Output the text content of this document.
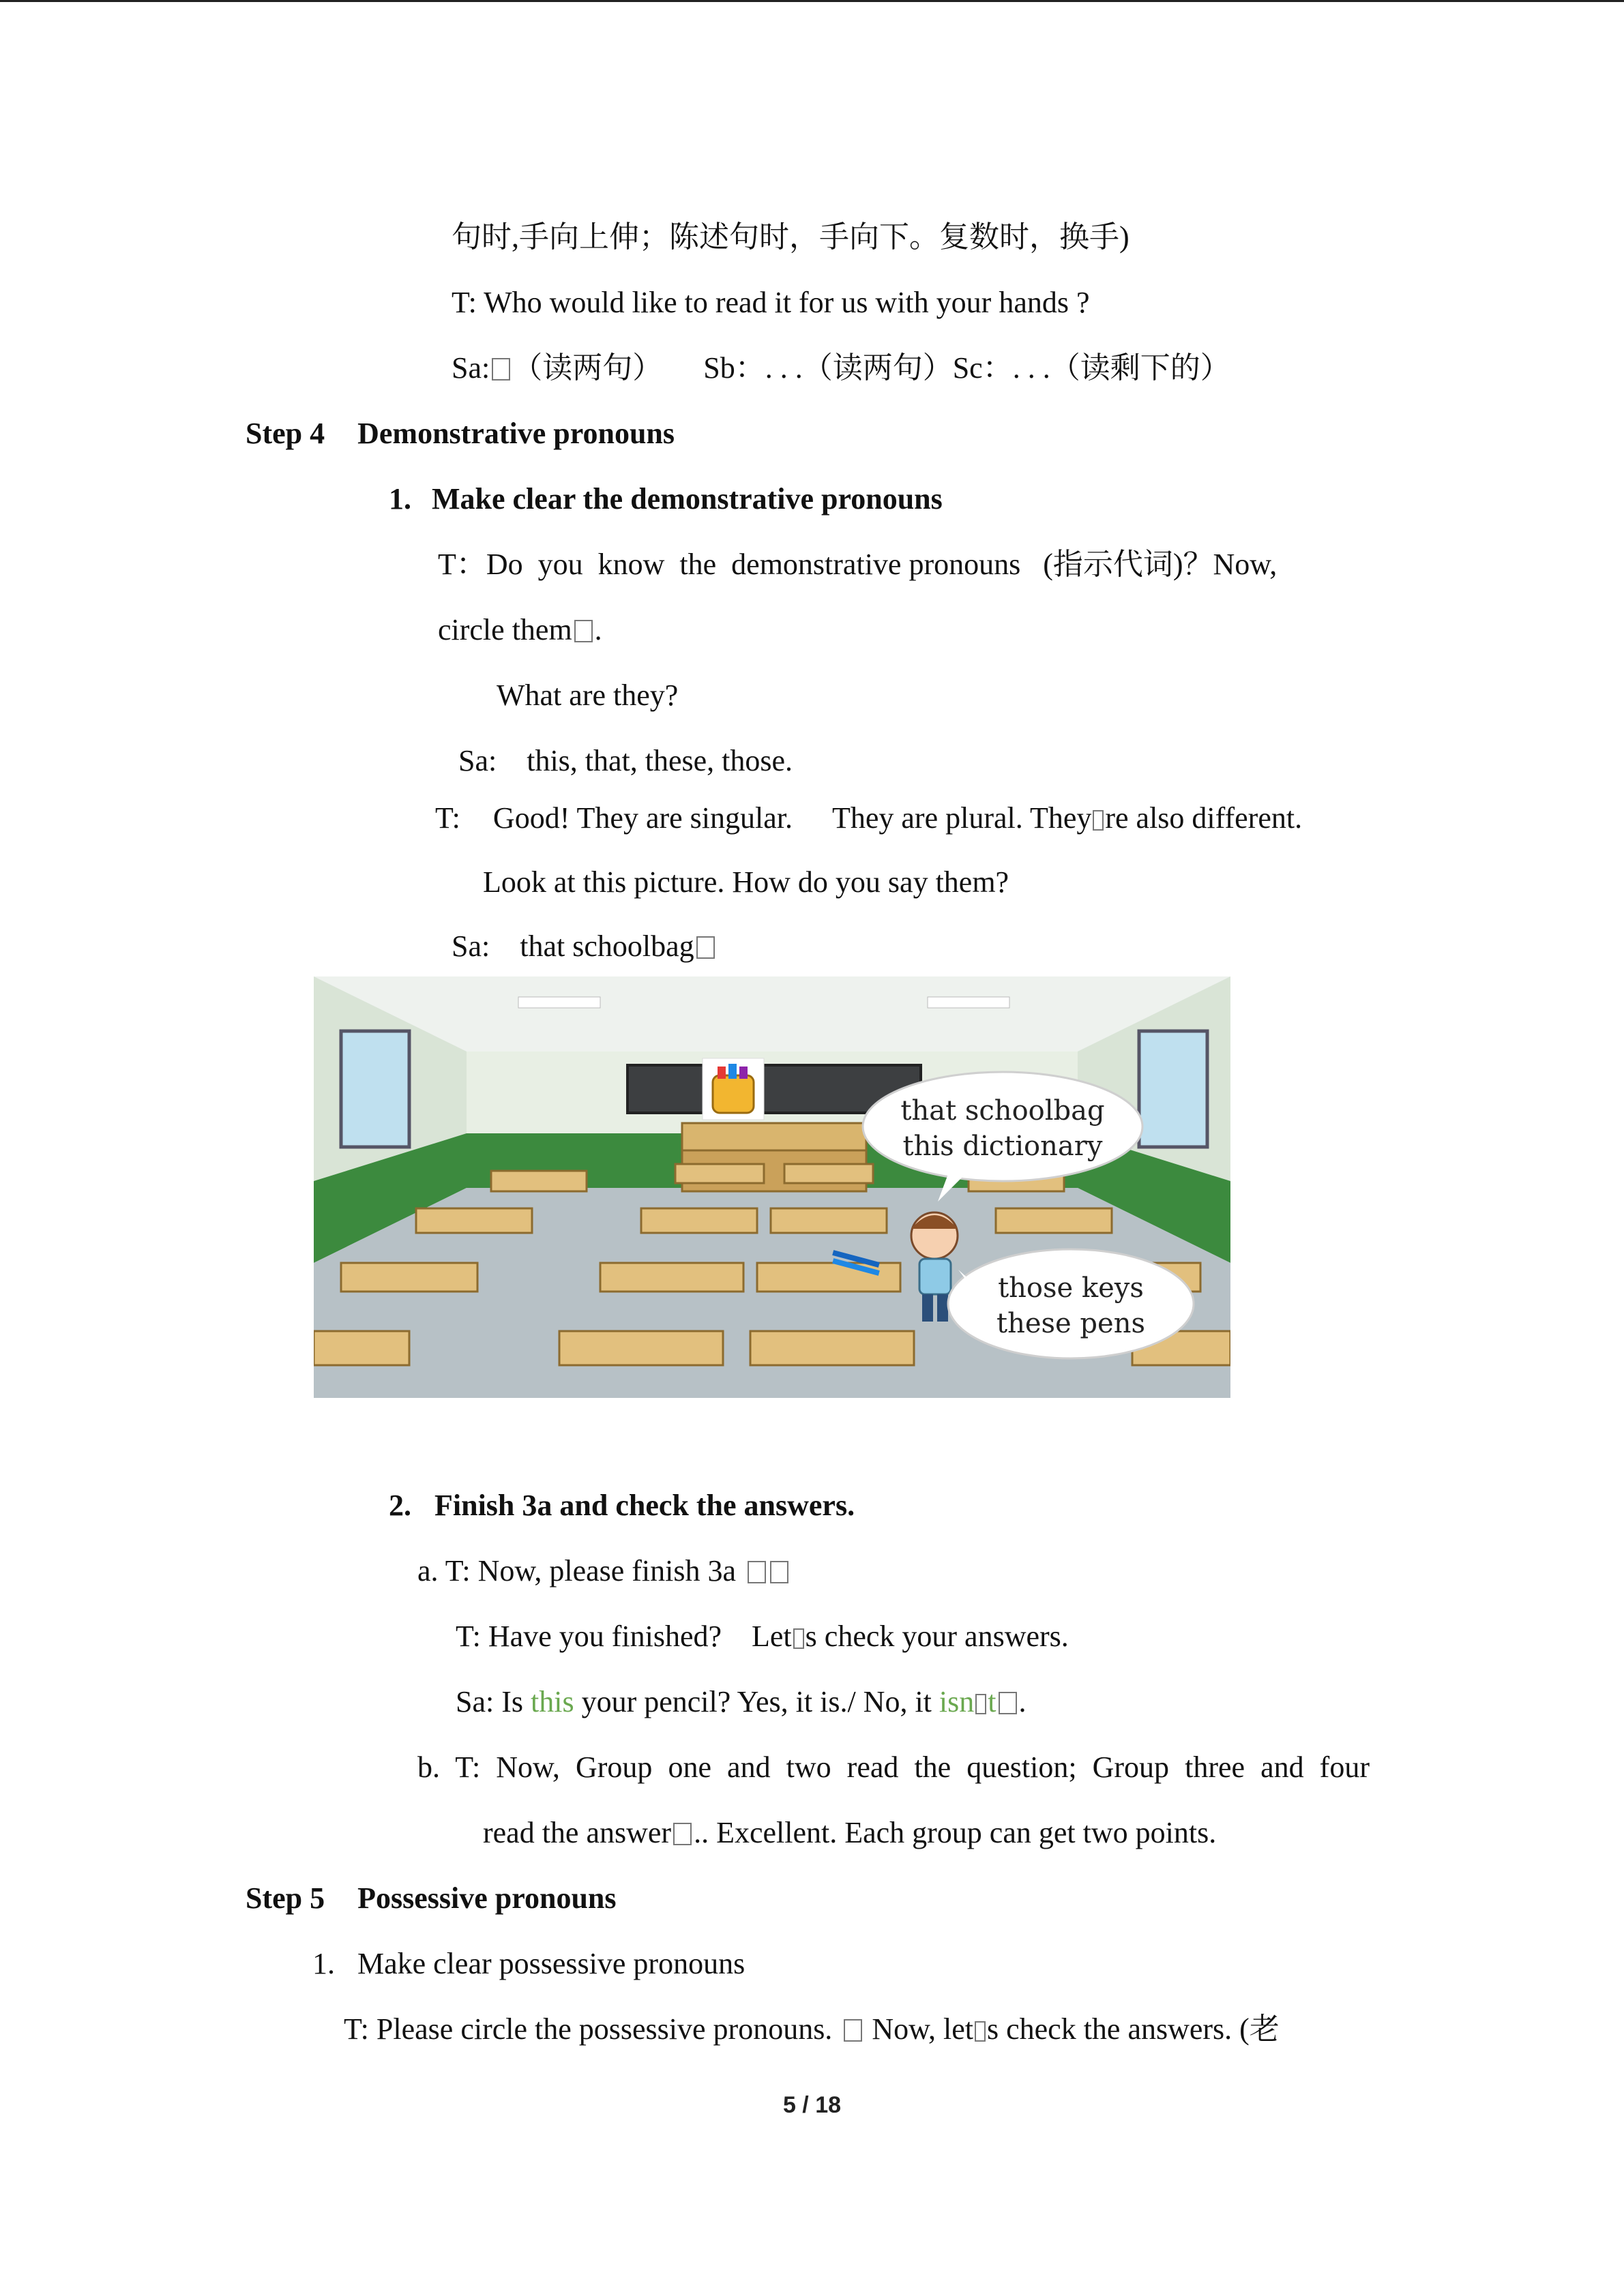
句时,手向上伸；陈述句时，手向下。复数时，换手)
T: Who would like to read it for us with your hands ?
Sa: （读两句） Sb：. . .（读两句）Sc：. . .（读剩下的）
Step 4 Demonstrative pronouns
1. Make clear the demonstrative pronouns
T：Do  you  know  the  demonstrative pronouns   (指示代词)？Now,
circle them .
What are they?
Sa:    this, that, these, those.
T: Good! They are singular. They are plural. They re also different.
Look at this picture. How do you say them?
Sa:    that schoolbag
that schoolbag
this dictionary
those keys
these pens
2. Finish 3a and check the answers.
a. T: Now, please finish 3a
T: Have you finished?    Let s check your answers.
Sa: Is this your pencil? Yes, it is./ No, it isn t .
b. T: Now, Group one and two read the question; Group three and four
read the answer .. Excellent. Each group can get two points.
Step 5 Possessive pronouns
1.   Make clear possessive pronouns
T: Please circle the possessive pronouns. Now, let s check the answers. (老
5 / 18
